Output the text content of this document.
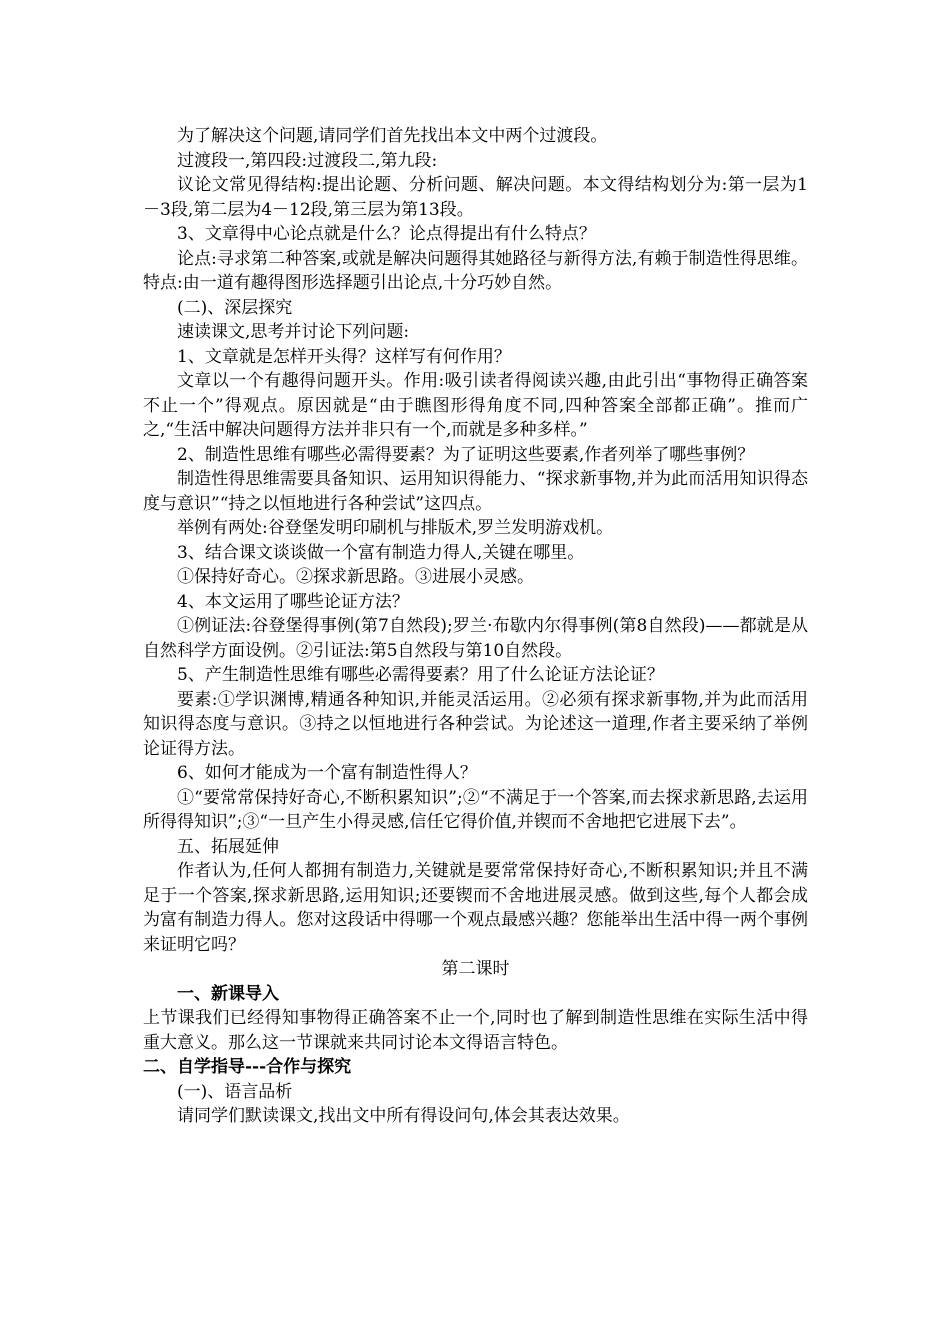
为了解决这个问题,请同学们首先找出本文中两个过渡段。

过渡段一,第四段:过渡段二,第九段:

议论文常见得结构:提出论题、分析问题、解决问题。本文得结构划分为:第一层为1－3段,第二层为4－12段,第三层为第13段。

3、文章得中心论点就是什么？论点得提出有什么特点？

论点:寻求第二种答案,或就是解决问题得其她路径与新得方法,有赖于制造性得思维。特点:由一道有趣得图形选择题引出论点,十分巧妙自然。

(二)、深层探究

速读课文,思考并讨论下列问题:

1、文章就是怎样开头得？这样写有何作用？

文章以一个有趣得问题开头。作用:吸引读者得阅读兴趣,由此引出“事物得正确答案不止一个”得观点。原因就是“由于瞧图形得角度不同,四种答案全部都正确”。推而广之,“生活中解决问题得方法并非只有一个,而就是多种多样。”

2、制造性思维有哪些必需得要素？为了证明这些要素,作者列举了哪些事例？

制造性得思维需要具备知识、运用知识得能力、“探求新事物,并为此而活用知识得态度与意识”“持之以恒地进行各种尝试”这四点。

举例有两处:谷登堡发明印刷机与排版术,罗兰发明游戏机。

3、结合课文谈谈做一个富有制造力得人,关键在哪里。

①保持好奇心。②探求新思路。③进展小灵感。

4、本文运用了哪些论证方法？

①例证法:谷登堡得事例(第7自然段);罗兰·布歇内尔得事例(第8自然段)——都就是从自然科学方面设例。②引证法:第5自然段与第10自然段。

5、产生制造性思维有哪些必需得要素？用了什么论证方法论证？

要素:①学识渊博,精通各种知识,并能灵活运用。②必须有探求新事物,并为此而活用知识得态度与意识。③持之以恒地进行各种尝试。为论述这一道理,作者主要采纳了举例论证得方法。

6、如何才能成为一个富有制造性得人？

①“要常常保持好奇心,不断积累知识”;②“不满足于一个答案,而去探求新思路,去运用所得得知识”;③“一旦产生小得灵感,信任它得价值,并锲而不舍地把它进展下去”。

五、拓展延伸

作者认为,任何人都拥有制造力,关键就是要常常保持好奇心,不断积累知识;并且不满足于一个答案,探求新思路,运用知识;还要锲而不舍地进展灵感。做到这些,每个人都会成为富有制造力得人。您对这段话中得哪一个观点最感兴趣？您能举出生活中得一两个事例来证明它吗？

第二课时

一、新课导入

上节课我们已经得知事物得正确答案不止一个,同时也了解到制造性思维在实际生活中得重大意义。那么这一节课就来共同讨论本文得语言特色。

二、自学指导---合作与探究

(一)、语言品析

请同学们默读课文,找出文中所有得设问句,体会其表达效果。
